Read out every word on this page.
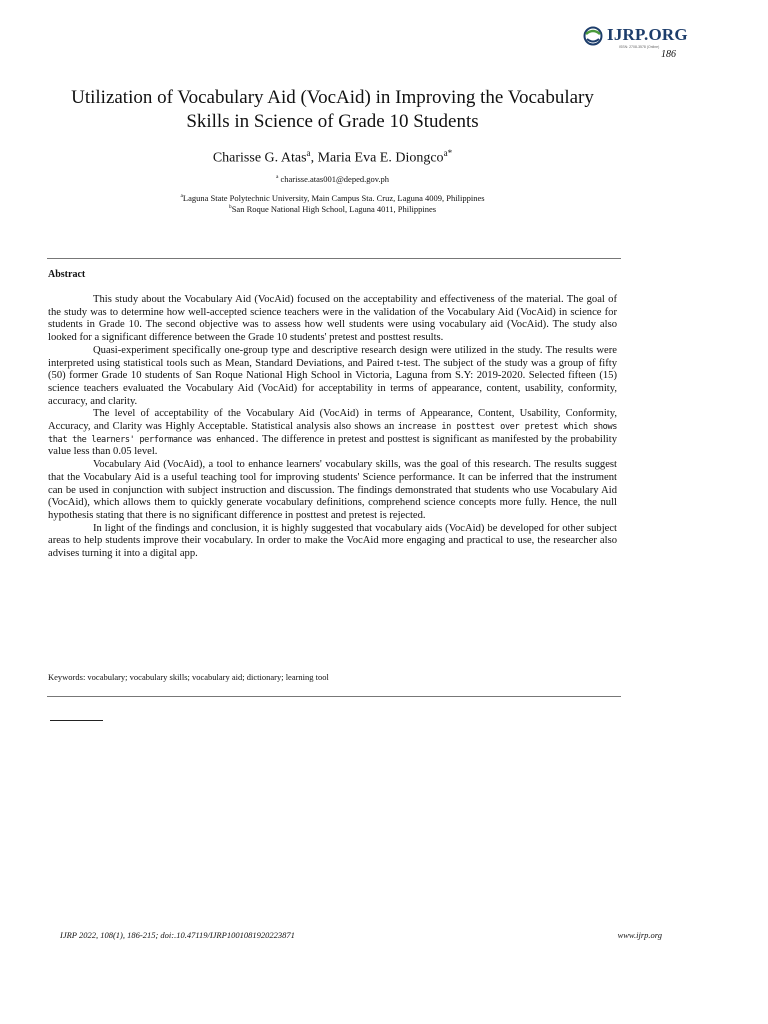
IJRP.ORG
ISSN: 2708-3578 (Online)
186
Utilization of Vocabulary Aid (VocAid) in Improving the Vocabulary Skills in Science of Grade 10 Students
Charisse G. Atas$^a$, Maria Eva E. Diongco$^{a*}$
$^a$ charisse.atas001@deped.gov.ph
$^a$Laguna State Polytechnic University, Main Campus Sta. Cruz, Laguna 4009, Philippines
$^b$San Roque National High School, Laguna 4011, Philippines
Abstract

This study about the Vocabulary Aid (VocAid) focused on the acceptability and effectiveness of the material. The goal of the study was to determine how well-accepted science teachers were in the validation of the Vocabulary Aid (VocAid) in science for students in Grade 10. The second objective was to assess how well students were using vocabulary aid (VocAid). The study also looked for a significant difference between the Grade 10 students' pretest and posttest results.

Quasi-experiment specifically one-group type and descriptive research design were utilized in the study. The results were interpreted using statistical tools such as Mean, Standard Deviations, and Paired t-test. The subject of the study was a group of fifty (50) former Grade 10 students of San Roque National High School in Victoria, Laguna from S.Y: 2019-2020. Selected fifteen (15) science teachers evaluated the Vocabulary Aid (VocAid) for acceptability in terms of appearance, content, usability, conformity, accuracy, and clarity.

The level of acceptability of the Vocabulary Aid (VocAid) in terms of Appearance, Content, Usability, Conformity, Accuracy, and Clarity was Highly Acceptable. Statistical analysis also shows an increase in posttest over pretest which shows that the learners' performance was enhanced. The difference in pretest and posttest is significant as manifested by the probability value less than 0.05 level.

Vocabulary Aid (VocAid), a tool to enhance learners' vocabulary skills, was the goal of this research. The results suggest that the Vocabulary Aid is a useful teaching tool for improving students' Science performance. It can be inferred that the instrument can be used in conjunction with subject instruction and discussion. The findings demonstrated that students who use Vocabulary Aid (VocAid), which allows them to quickly generate vocabulary definitions, comprehend science concepts more fully. Hence, the null hypothesis stating that there is no significant difference in posttest and pretest is rejected.

In light of the findings and conclusion, it is highly suggested that vocabulary aids (VocAid) be developed for other subject areas to help students improve their vocabulary. In order to make the VocAid more engaging and practical to use, the researcher also advises turning it into a digital app.

Keywords: vocabulary; vocabulary skills; vocabulary aid; dictionary; learning tool
IJRP 2022, 108(1), 186-215; doi:.10.47119/IJRP1001081920223871	www.ijrp.org
